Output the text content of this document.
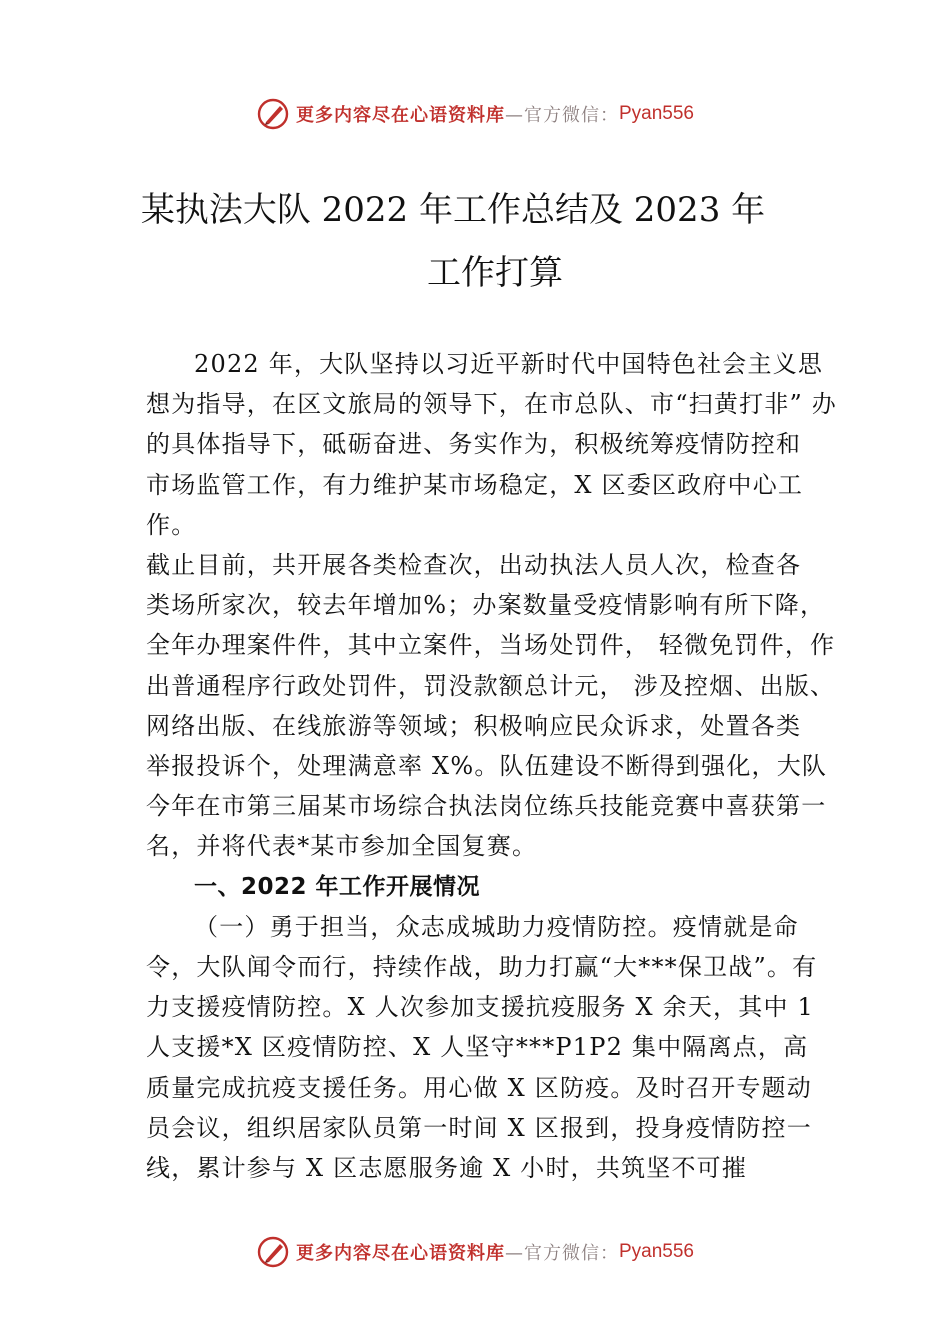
更多内容尽在心语资料库 —官方微信： Pyan556
某执法大队 2022 年工作总结及 2023 年
工作打算

2022 年，大队坚持以习近平新时代中国特色社会主义思

想为指导，在区文旅局的领导下，在市总队、市“扫黄打非” 办

的具体指导下，砥砺奋进、务实作为，积极统筹疫情防控和

市场监管工作，有力维护某市场稳定，X 区委区政府中心工作。

截止目前，共开展各类检查次，出动执法人员人次，检查各

类场所家次，较去年增加%；办案数量受疫情影响有所下降，

全年办理案件件，其中立案件，当场处罚件， 轻微免罚件，作

出普通程序行政处罚件，罚没款额总计元， 涉及控烟、出版、

网络出版、在线旅游等领域；积极响应民众诉求，处置各类

举报投诉个，处理满意率 X%。队伍建设不断得到强化，大队

今年在市第三届某市场综合执法岗位练兵技能竞赛中喜获第一

名，并将代表*某市参加全国复赛。

一、2022 年工作开展情况

（一）勇于担当，众志成城助力疫情防控。疫情就是命

令，大队闻令而行，持续作战，助力打赢“大***保卫战”。有

力支援疫情防控。X 人次参加支援抗疫服务 X 余天，其中 1

人支援*X 区疫情防控、X 人坚守***P1P2 集中隔离点，高

质量完成抗疫支援任务。用心做 X 区防疫。及时召开专题动

员会议，组织居家队员第一时间 X 区报到，投身疫情防控一

线，累计参与 X 区志愿服务逾 X 小时，共筑坚不可摧

更多内容尽在心语资料库 —官方微信： Pyan556
